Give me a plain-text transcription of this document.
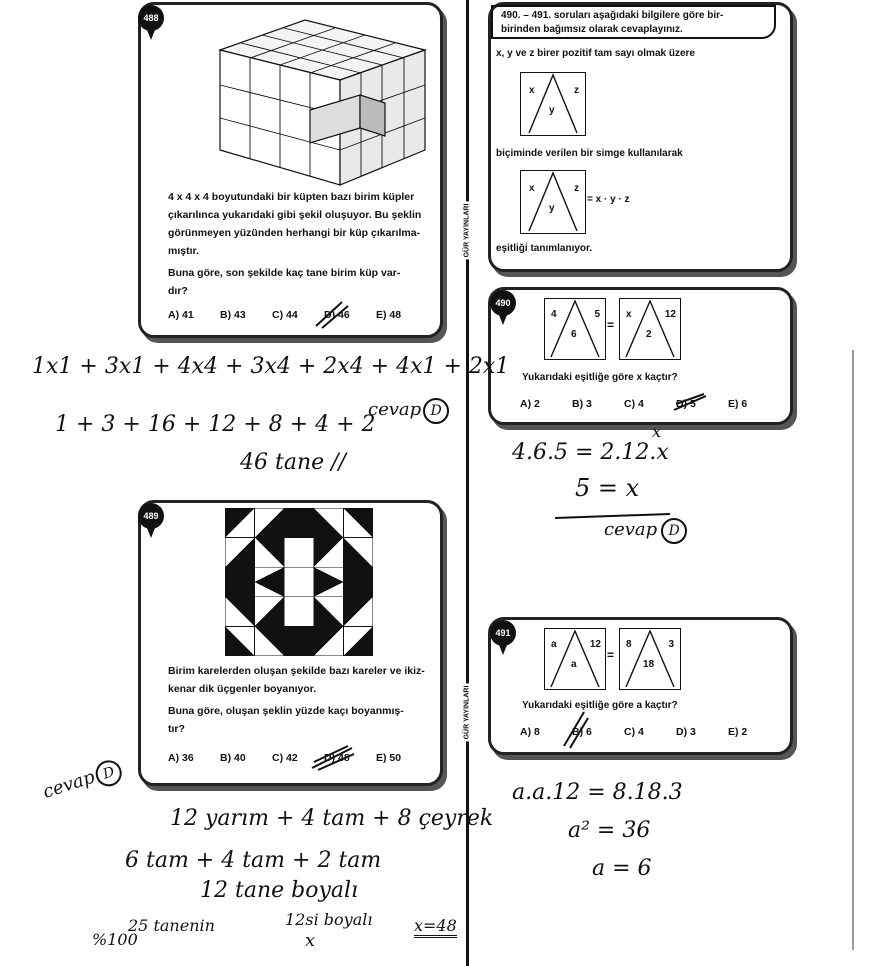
GÜR YAYINLARI
GÜR YAYINLARI
488

4 x 4 x 4 boyutundaki bir küpten bazı birim küpler

çıkarılınca yukarıdaki gibi şekil oluşuyor. Bu şeklin

görünmeyen yüzünden herhangi bir küp çıkarılma-

mıştır.

Buna göre, son şekilde kaç tane birim küp var-

dır?

A) 41	B) 43	C) 44	D) 46	E) 48
489

Birim karelerden oluşan şekilde bazı kareler ve ikiz-

kenar dik üçgenler boyanıyor.

Buna göre, oluşan şeklin yüzde kaçı boyanmış-

tır?

A) 36	B) 40	C) 42	D) 48	E) 50
490. – 491. soruları aşağıdaki bilgilere göre bir-
birinden bağımsız olarak cevaplayınız.
x, y ve z birer pozitif tam sayı olmak üzere
x	z
y
biçiminde verilen bir simge kullanılarak
x	z
y
= x · y · z
eşitliği tanımlanıyor.
490
4	5
6
=
x	12
2
Yukarıdaki eşitliğe göre x kaçtır?
A) 2	B) 3	C) 4	D) 5	E) 6
491
a	12
a
=
8	3
18
Yukarıdaki eşitliğe göre a kaçtır?
A) 8	B) 6	C) 4	D) 3	E) 2
1x1 + 3x1 + 4x4 + 3x4 + 2x4 + 4x1 + 2x1
1 + 3 + 16 + 12 + 8 + 4 + 2
cevap D
46 tane //
x
4.6.5 = 2.12.x
5 = x
cevap D
cevap D
12 yarım + 4 tam + 8 çeyrek
6 tam + 4 tam + 2 tam
12 tane boyalı
%100
25 tanenin	12si boyalı
x
x=48
a.a.12 = 8.18.3
a² = 36
a = 6
